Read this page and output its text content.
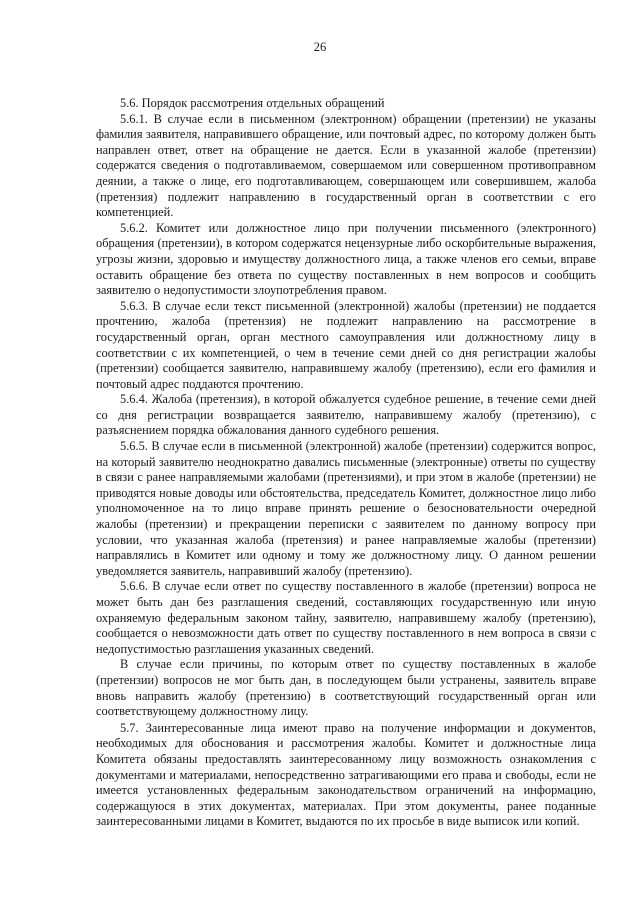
26

5.6. Порядок рассмотрения отдельных обращений

5.6.1. В случае если в письменном (электронном) обращении (претензии) не указаны фамилия заявителя, направившего обращение, или почтовый адрес, по которому должен быть направлен ответ, ответ на обращение не дается. Если в указанной жалобе (претензии) содержатся сведения о подготавливаемом, совершаемом или совершенном противоправном деянии, а также о лице, его подготавливающем, совершающем или совершившем, жалоба (претензия) подлежит направлению в государственный орган в соответствии с его компетенцией.

5.6.2. Комитет или должностное лицо при получении письменного (электронного) обращения (претензии), в котором содержатся нецензурные либо оскорбительные выражения, угрозы жизни, здоровью и имуществу должностного лица, а также членов его семьи, вправе оставить обращение без ответа по существу поставленных в нем вопросов и сообщить заявителю о недопустимости злоупотребления правом.

5.6.3. В случае если текст письменной (электронной) жалобы (претензии) не поддается прочтению, жалоба (претензия) не подлежит направлению на рассмотрение в государственный орган, орган местного самоуправления или должностному лицу в соответствии с их компетенцией, о чем в течение семи дней со дня регистрации жалобы (претензии) сообщается заявителю, направившему жалобу (претензию), если его фамилия и почтовый адрес поддаются прочтению.

5.6.4. Жалоба (претензия), в которой обжалуется судебное решение, в течение семи дней со дня регистрации возвращается заявителю, направившему жалобу (претензию), с разъяснением порядка обжалования данного судебного решения.

5.6.5. В случае если в письменной (электронной) жалобе (претензии) содержится вопрос, на который заявителю неоднократно давались письменные (электронные) ответы по существу в связи с ранее направляемыми жалобами (претензиями), и при этом в жалобе (претензии) не приводятся новые доводы или обстоятельства, председатель Комитет, должностное лицо либо уполномоченное на то лицо вправе принять решение о безосновательности очередной жалобы (претензии) и прекращении переписки с заявителем по данному вопросу при условии, что указанная жалоба (претензия) и ранее направляемые жалобы (претензии) направлялись в Комитет или одному и тому же должностному лицу. О данном решении уведомляется заявитель, направивший жалобу (претензию).

5.6.6. В случае если ответ по существу поставленного в жалобе (претензии) вопроса не может быть дан без разглашения сведений, составляющих государственную или иную охраняемую федеральным законом тайну, заявителю, направившему жалобу (претензию), сообщается о невозможности дать ответ по существу поставленного в нем вопроса в связи с недопустимостью разглашения указанных сведений.

В случае если причины, по которым ответ по существу поставленных в жалобе (претензии) вопросов не мог быть дан, в последующем были устранены, заявитель вправе вновь направить жалобу (претензию) в соответствующий государственный орган или соответствующему должностному лицу.

5.7. Заинтересованные лица имеют право на получение информации и документов, необходимых для обоснования и рассмотрения жалобы. Комитет и должностные лица Комитета обязаны предоставлять заинтересованному лицу возможность ознакомления с документами и материалами, непосредственно затрагивающими его права и свободы, если не имеется установленных федеральным законодательством ограничений на информацию, содержащуюся в этих документах, материалах. При этом документы, ранее поданные заинтересованными лицами в Комитет, выдаются по их просьбе в виде выписок или копий.
